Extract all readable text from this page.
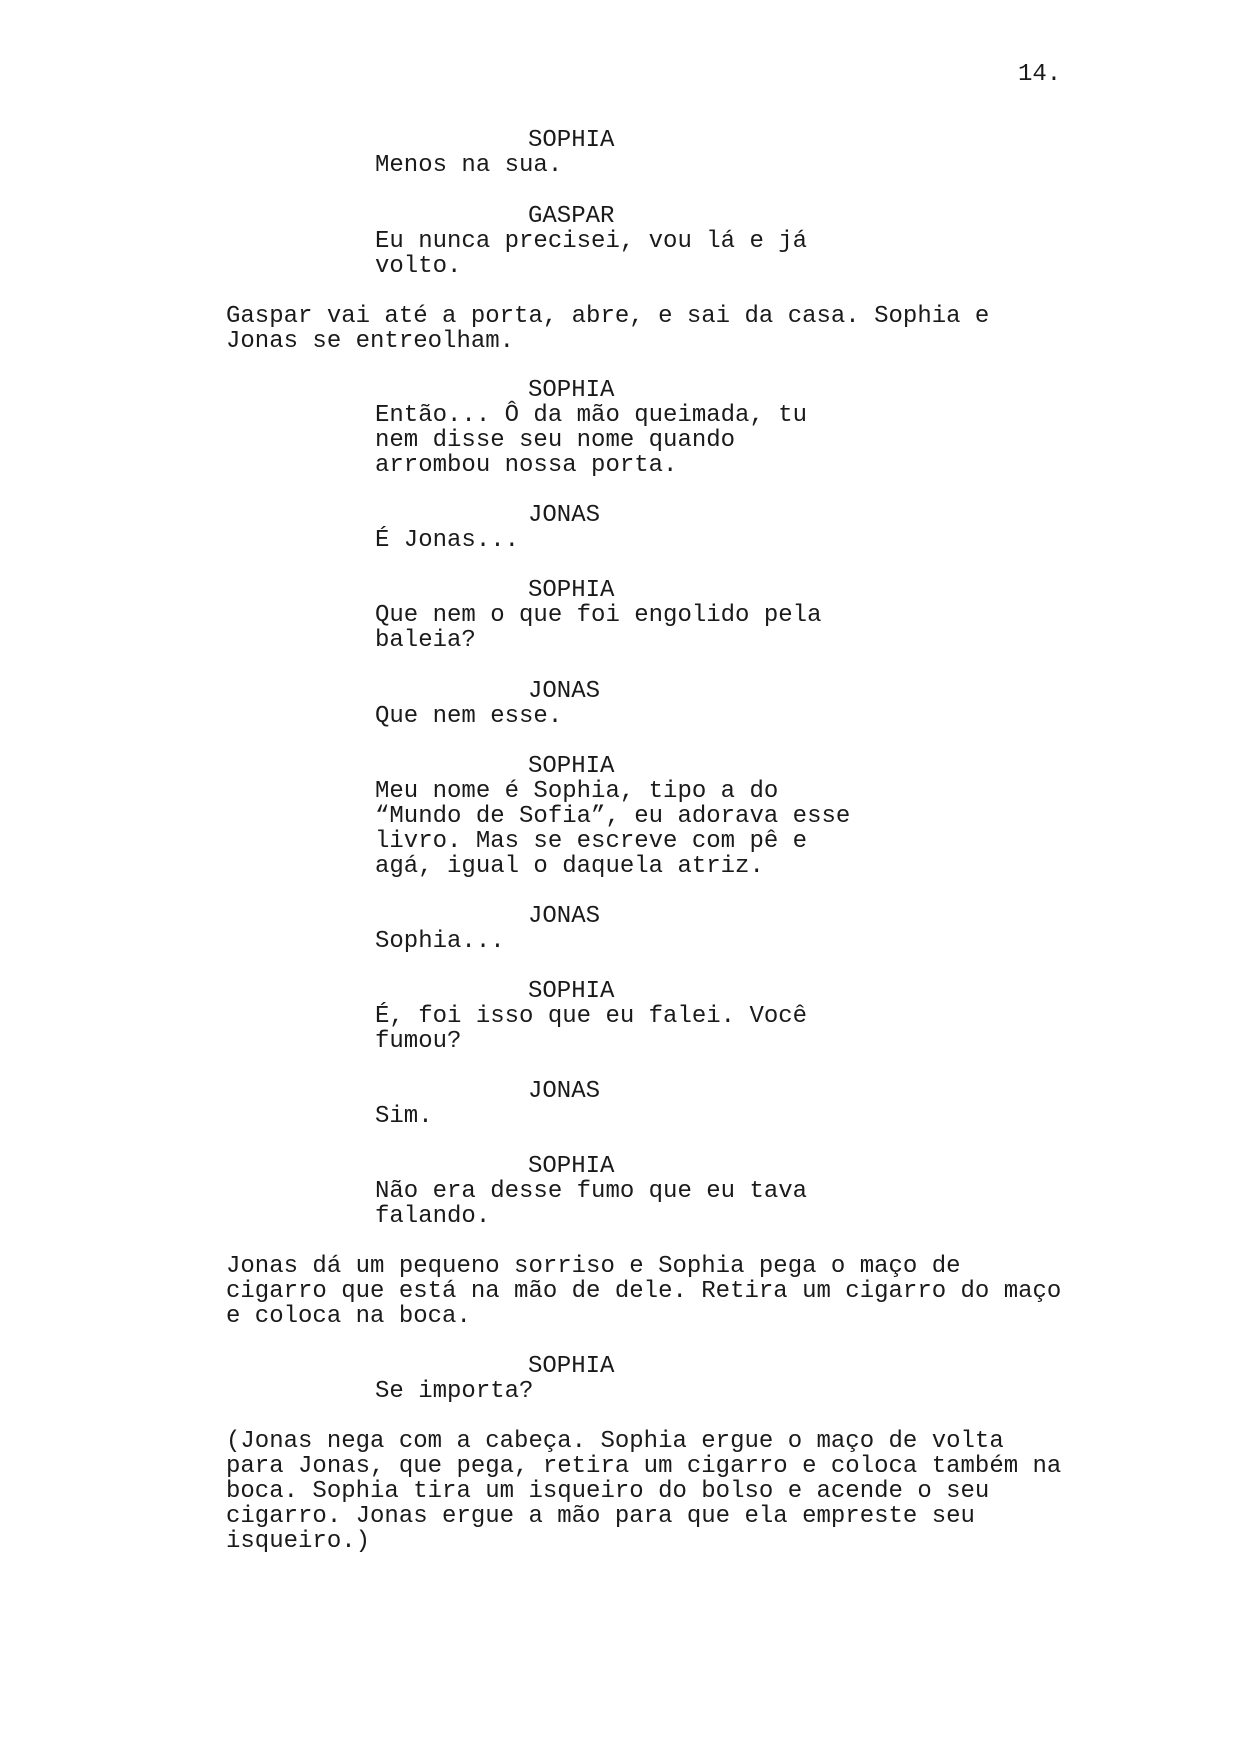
14.
SOPHIA
Menos na sua.
GASPAR
Eu nunca precisei, vou lá e já
volto.
Gaspar vai até a porta, abre, e sai da casa. Sophia e
Jonas se entreolham.
SOPHIA
Então... Ô da mão queimada, tu
nem disse seu nome quando
arrombou nossa porta.
JONAS
É Jonas...
SOPHIA
Que nem o que foi engolido pela
baleia?
JONAS
Que nem esse.
SOPHIA
Meu nome é Sophia, tipo a do
“Mundo de Sofia”, eu adorava esse
livro. Mas se escreve com pê e
agá, igual o daquela atriz.
JONAS
Sophia...
SOPHIA
É, foi isso que eu falei. Você
fumou?
JONAS
Sim.
SOPHIA
Não era desse fumo que eu tava
falando.
Jonas dá um pequeno sorriso e Sophia pega o maço de
cigarro que está na mão de dele. Retira um cigarro do maço
e coloca na boca.
SOPHIA
Se importa?
(Jonas nega com a cabeça. Sophia ergue o maço de volta
para Jonas, que pega, retira um cigarro e coloca também na
boca. Sophia tira um isqueiro do bolso e acende o seu
cigarro. Jonas ergue a mão para que ela empreste seu
isqueiro.)
